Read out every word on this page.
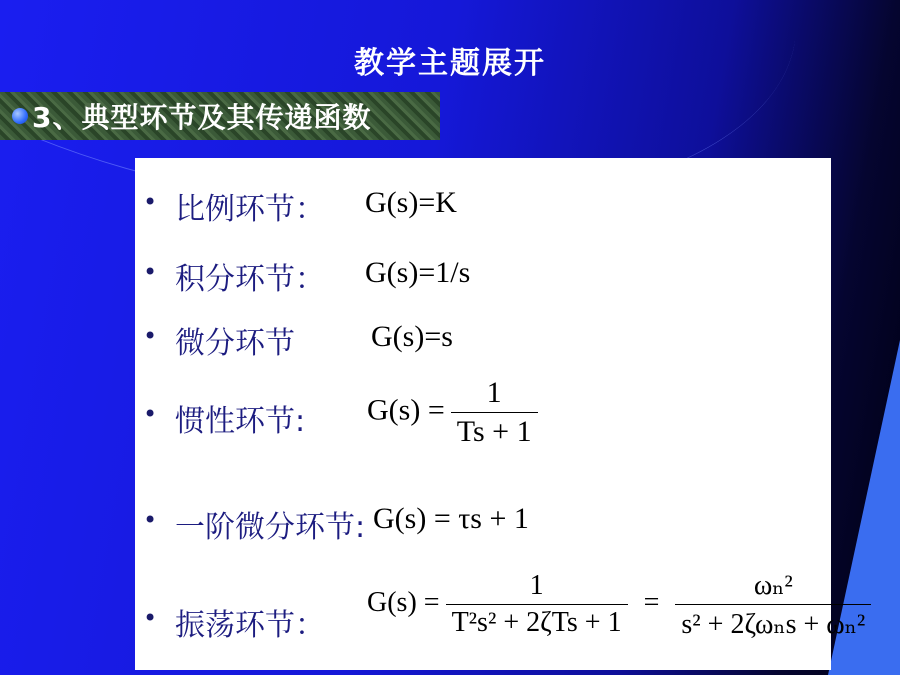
教学主题展开
3、典型环节及其传递函数
• 比例环节： G(s)=K
• 积分环节： G(s)=1/s
• 微分环节	G(s)=s
• 惯性环节: $G(s) = \frac{1}{Ts + 1}$
• 一阶微分环节: G(s) = τs + 1
• 振荡环节：
$G(s) = \frac{1}{\text{T²s² + 2ζTs + 1}} = \frac{\text{ωₙ²}}{\text{s² + 2ζωₙs + ωₙ²}}$
